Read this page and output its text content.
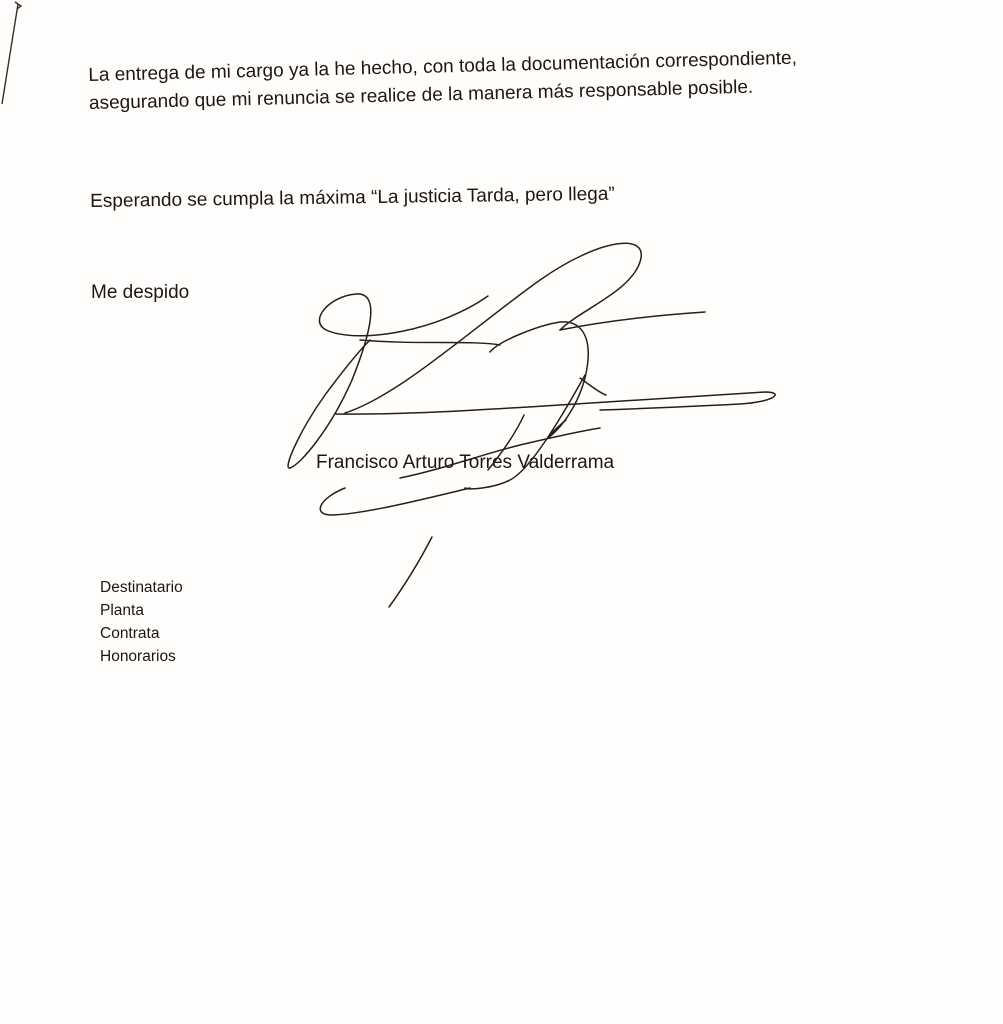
La entrega de mi cargo ya la he hecho, con toda la documentación correspondiente,
asegurando que mi renuncia se realice de la manera más responsable posible.
Esperando se cumpla la máxima “La justicia Tarda, pero llega”
Me despido
Francisco Arturo Torres Valderrama
Destinatario
Planta
Contrata
Honorarios
